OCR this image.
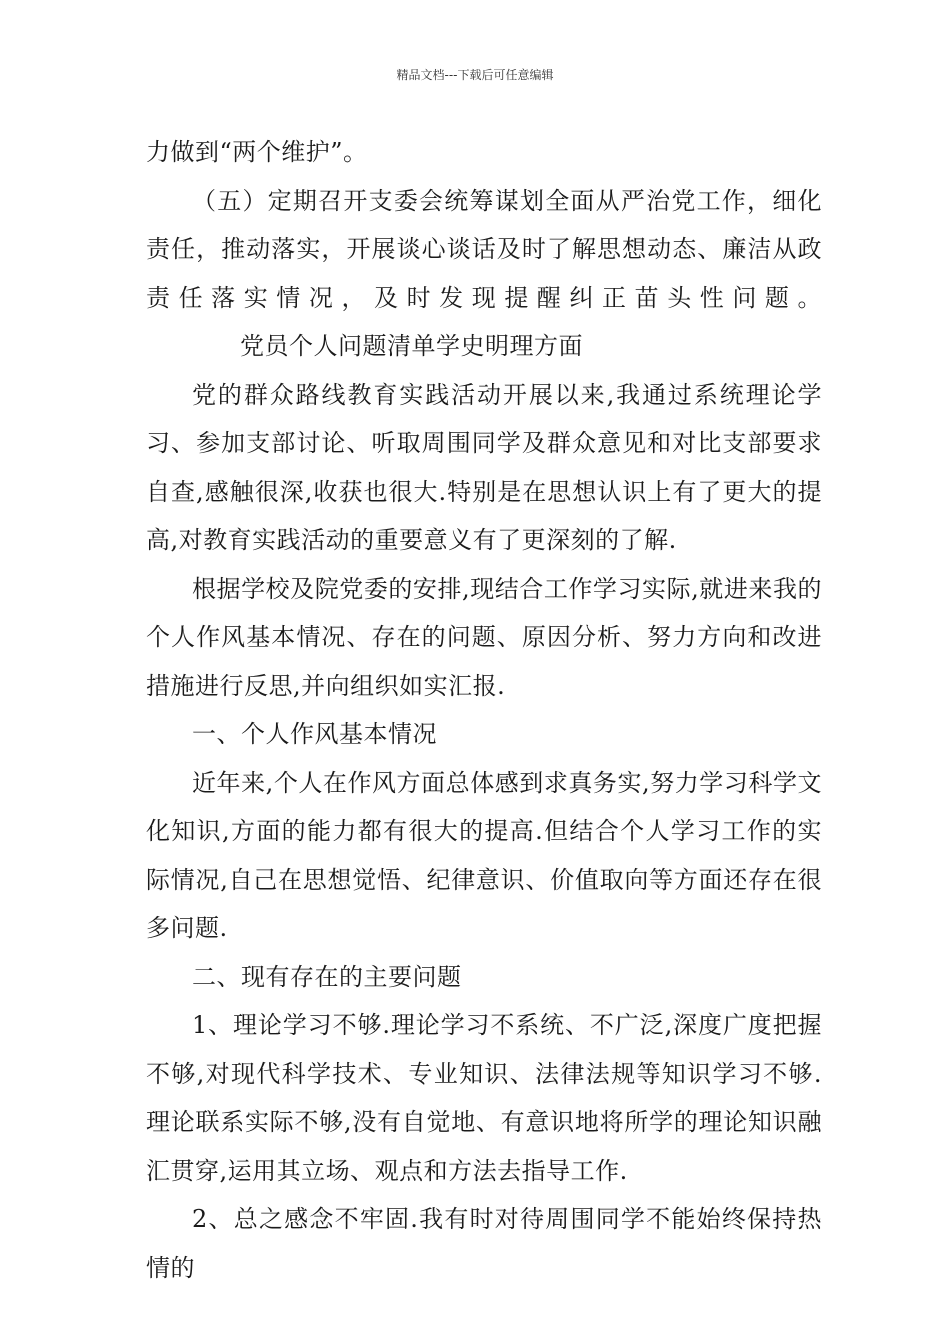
精品文档---下载后可任意编辑

力做到“两个维护”。

（五）定期召开支委会统筹谋划全面从严治党工作，细化责任，推动落实，开展谈心谈话及时了解思想动态、廉洁从政责任落实情况，及时发现提醒纠正苗头性问题。党员个人问题清单学史明理方面

党的群众路线教育实践活动开展以来,我通过系统理论学习、参加支部讨论、听取周围同学及群众意见和对比支部要求自查,感触很深,收获也很大.特别是在思想认识上有了更大的提高,对教育实践活动的重要意义有了更深刻的了解.

根据学校及院党委的安排,现结合工作学习实际,就进来我的个人作风基本情况、存在的问题、原因分析、努力方向和改进措施进行反思,并向组织如实汇报.

一、个人作风基本情况

近年来,个人在作风方面总体感到求真务实,努力学习科学文化知识,方面的能力都有很大的提高.但结合个人学习工作的实际情况,自己在思想觉悟、纪律意识、价值取向等方面还存在很多问题.

二、现有存在的主要问题

1、理论学习不够.理论学习不系统、不广泛,深度广度把握不够,对现代科学技术、专业知识、法律法规等知识学习不够.理论联系实际不够,没有自觉地、有意识地将所学的理论知识融汇贯穿,运用其立场、观点和方法去指导工作.

2、总之感念不牢固.我有时对待周围同学不能始终保持热情的
